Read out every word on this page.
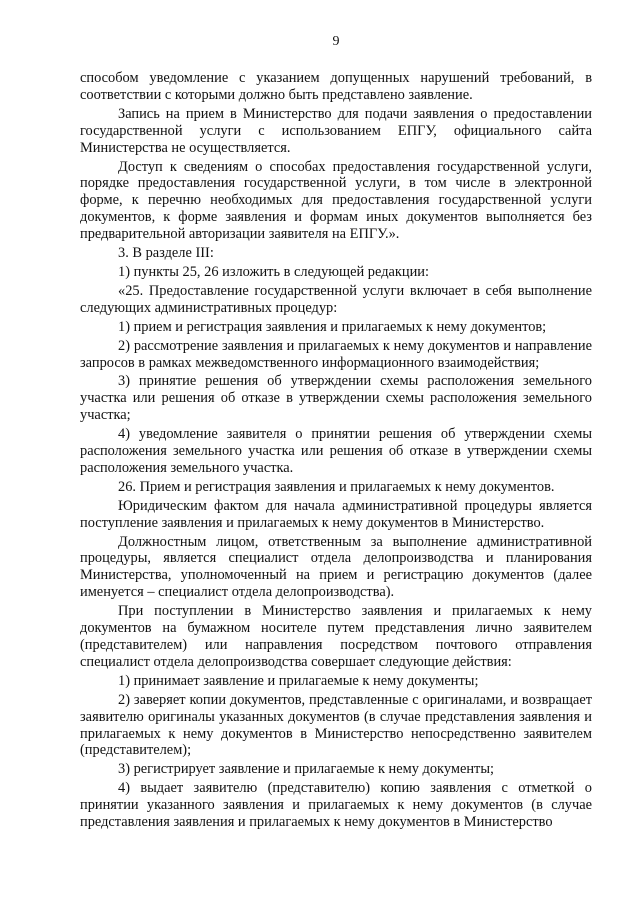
9

способом уведомление с указанием допущенных нарушений требований, в соответствии с которыми должно быть представлено заявление.

Запись на прием в Министерство для подачи заявления о предоставлении государственной услуги с использованием ЕПГУ, официального сайта Министерства не осуществляется.

Доступ к сведениям о способах предоставления государственной услуги, порядке предоставления государственной услуги, в том числе в электронной форме, к перечню необходимых для предоставления государственной услуги документов, к форме заявления и формам иных документов выполняется без предварительной авторизации заявителя на ЕПГУ.».

3. В разделе III:

1) пункты 25, 26 изложить в следующей редакции:

«25. Предоставление государственной услуги включает в себя выполнение следующих административных процедур:

1) прием и регистрация заявления и прилагаемых к нему документов;

2) рассмотрение заявления и прилагаемых к нему документов и направление запросов в рамках межведомственного информационного взаимодействия;

3) принятие решения об утверждении схемы расположения земельного участка или решения об отказе в утверждении схемы расположения земельного участка;

4) уведомление заявителя о принятии решения об утверждении схемы расположения земельного участка или решения об отказе в утверждении схемы расположения земельного участка.

26. Прием и регистрация заявления и прилагаемых к нему документов.

Юридическим фактом для начала административной процедуры является поступление заявления и прилагаемых к нему документов в Министерство.

Должностным лицом, ответственным за выполнение административной процедуры, является специалист отдела делопроизводства и планирования Министерства, уполномоченный на прием и регистрацию документов (далее именуется – специалист отдела делопроизводства).

При поступлении в Министерство заявления и прилагаемых к нему документов на бумажном носителе путем представления лично заявителем (представителем) или направления посредством почтового отправления специалист отдела делопроизводства совершает следующие действия:

1) принимает заявление и прилагаемые к нему документы;

2) заверяет копии документов, представленные с оригиналами, и возвращает заявителю оригиналы указанных документов (в случае представления заявления и прилагаемых к нему документов в Министерство непосредственно заявителем (представителем);

3) регистрирует заявление и прилагаемые к нему документы;

4) выдает заявителю (представителю) копию заявления с отметкой о принятии указанного заявления и прилагаемых к нему документов (в случае представления заявления и прилагаемых к нему документов в Министерство
